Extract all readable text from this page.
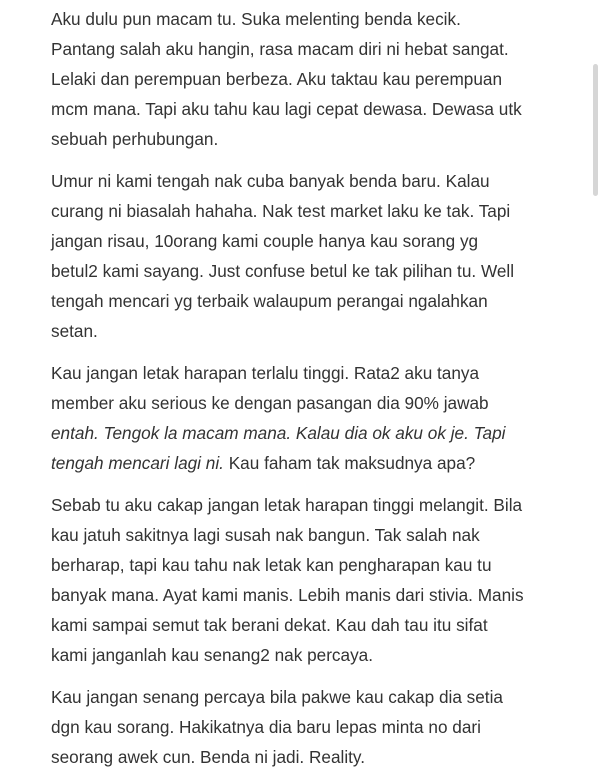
Aku dulu pun macam tu. Suka melenting benda kecik.
Pantang salah aku hangin, rasa macam diri ni hebat sangat.
Lelaki dan perempuan berbeza. Aku taktau kau perempuan
mcm mana. Tapi aku tahu kau lagi cepat dewasa. Dewasa utk
sebuah perhubungan.

Umur ni kami tengah nak cuba banyak benda baru. Kalau
curang ni biasalah hahaha. Nak test market laku ke tak. Tapi
jangan risau, 10orang kami couple hanya kau sorang yg
betul2 kami sayang. Just confuse betul ke tak pilihan tu. Well
tengah mencari yg terbaik walaupum perangai ngalahkan
setan.

Kau jangan letak harapan terlalu tinggi. Rata2 aku tanya
member aku serious ke dengan pasangan dia 90% jawab
entah. Tengok la macam mana. Kalau dia ok aku ok je. Tapi
tengah mencari lagi ni. Kau faham tak maksudnya apa?

Sebab tu aku cakap jangan letak harapan tinggi melangit. Bila
kau jatuh sakitnya lagi susah nak bangun. Tak salah nak
berharap, tapi kau tahu nak letak kan pengharapan kau tu
banyak mana. Ayat kami manis. Lebih manis dari stivia. Manis
kami sampai semut tak berani dekat. Kau dah tau itu sifat
kami janganlah kau senang2 nak percaya.

Kau jangan senang percaya bila pakwe kau cakap dia setia
dgn kau sorang. Hakikatnya dia baru lepas minta no dari
seorang awek cun. Benda ni jadi. Reality.
